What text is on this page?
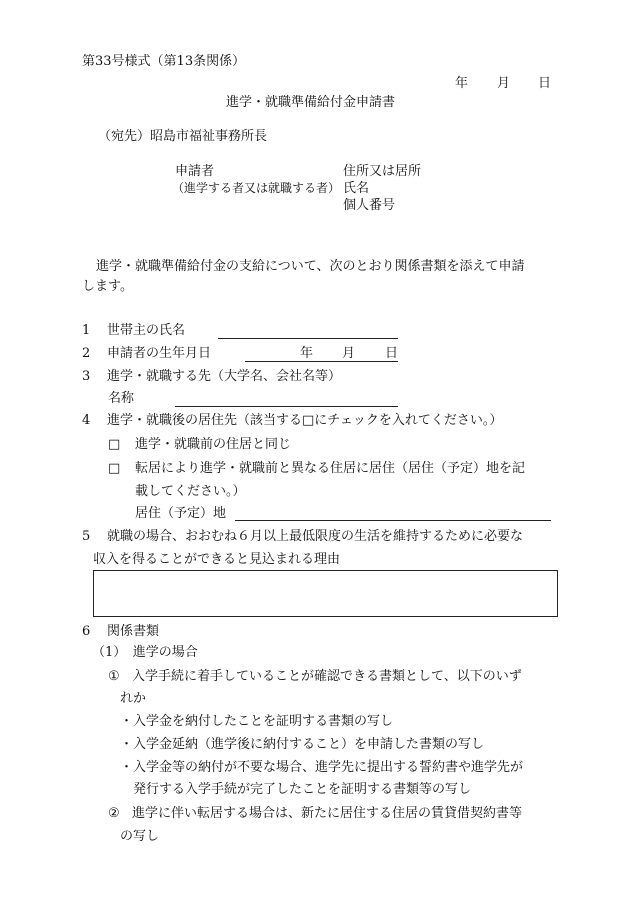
第33号様式（第13条関係）
年 月 日
進学・就職準備給付金申請書
（宛先）昭島市福祉事務所長
申請者
（進学する者又は就職する者）
住所又は居所
氏名
個人番号
進学・就職準備給付金の支給について、次のとおり関係書類を添えて申請
します。
1 世帯主の氏名
2 申請者の生年月日	年 月 日
3 進学・就職する先（大学名、会社名等）
名称
4 進学・就職後の居住先（該当する□にチェックを入れてください。）
□ 進学・就職前の住居と同じ
□ 転居により進学・就職前と異なる住居に居住（居住（予定）地を記
載してください。）
居住（予定）地
5 就職の場合、おおむね６月以上最低限度の生活を維持するために必要な
収入を得ることができると見込まれる理由
6 関係書類
（1）　進学の場合
① 入学手続に着手していることが確認できる書類として、以下のいず
れか
・入学金を納付したことを証明する書類の写し
・入学金延納（進学後に納付すること）を申請した書類の写し
・入学金等の納付が不要な場合、進学先に提出する誓約書や進学先が
発行する入学手続が完了したことを証明する書類等の写し
② 進学に伴い転居する場合は、新たに居住する住居の賃貸借契約書等
の写し
